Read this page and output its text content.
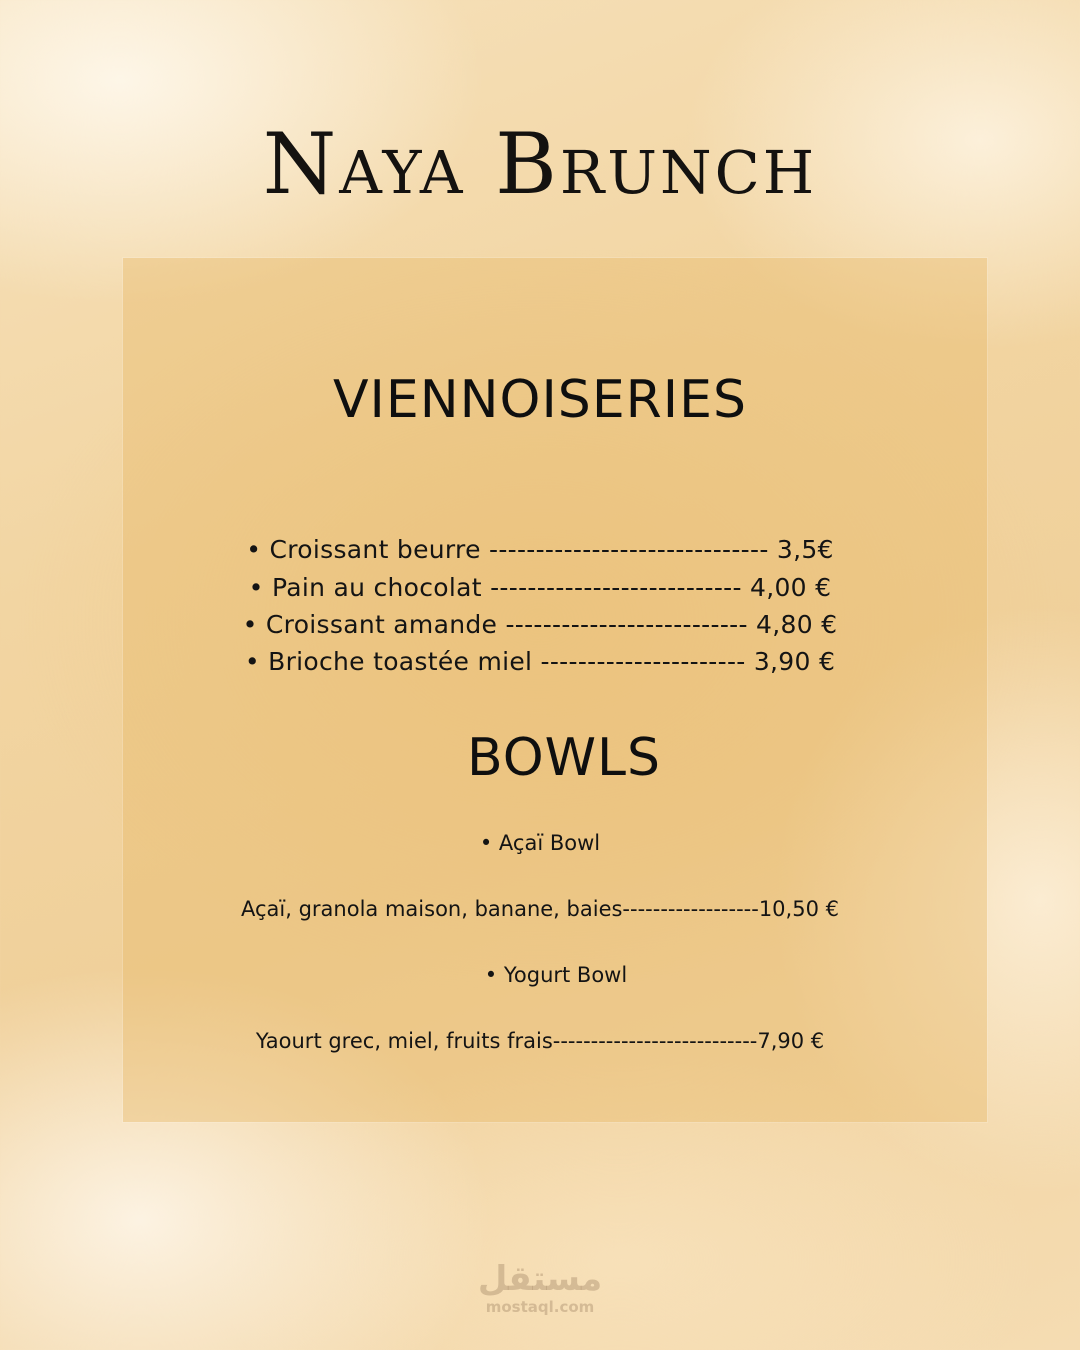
Naya Brunch
VIENNOISERIES
• Croissant beurre ------------------------------ 3,5€
• Pain au chocolat --------------------------- 4,00 €
• Croissant amande -------------------------- 4,80 €
• Brioche toastée miel ---------------------- 3,90 €
BOWLS
• Açaï Bowl
Açaï, granola maison, banane, baies------------------10,50 €
• Yogurt Bowl
Yaourt grec, miel, fruits frais---------------------------7,90 €
مستقل
mostaql.com
